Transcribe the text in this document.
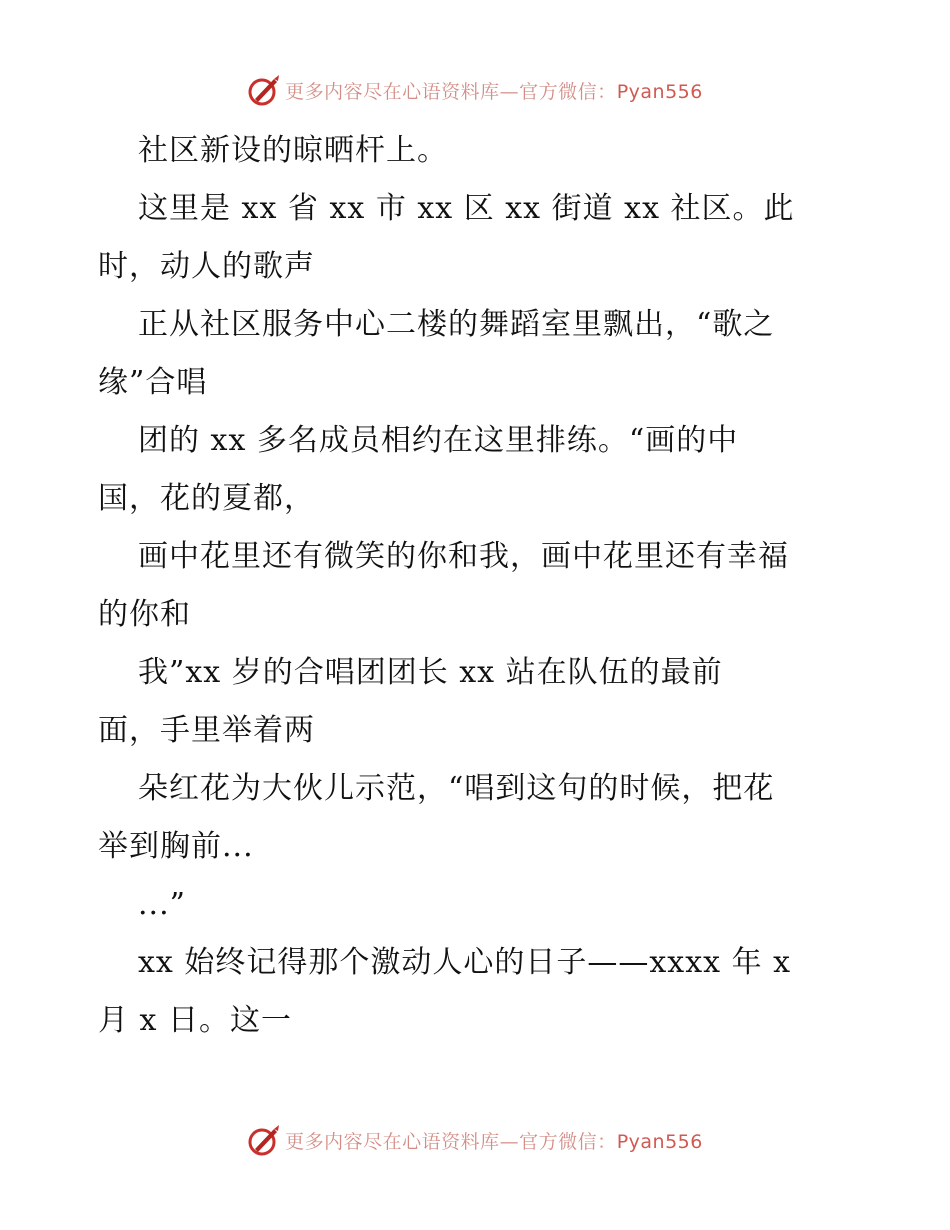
更多内容尽在心语资料库—官方微信：Pyan556
社区新设的晾晒杆上。
这里是 xx 省 xx 市 xx 区 xx 街道 xx 社区。此
时，动人的歌声
正从社区服务中心二楼的舞蹈室里飘出，“歌之
缘”合唱
团的 xx 多名成员相约在这里排练。“画的中
国，花的夏都，
画中花里还有微笑的你和我，画中花里还有幸福
的你和
我”xx 岁的合唱团团长 xx 站在队伍的最前
面，手里举着两
朵红花为大伙儿示范，“唱到这句的时候，把花
举到胸前...
...”
xx 始终记得那个激动人心的日子——xxxx 年 x
月 x 日。这一
更多内容尽在心语资料库—官方微信：Pyan556
